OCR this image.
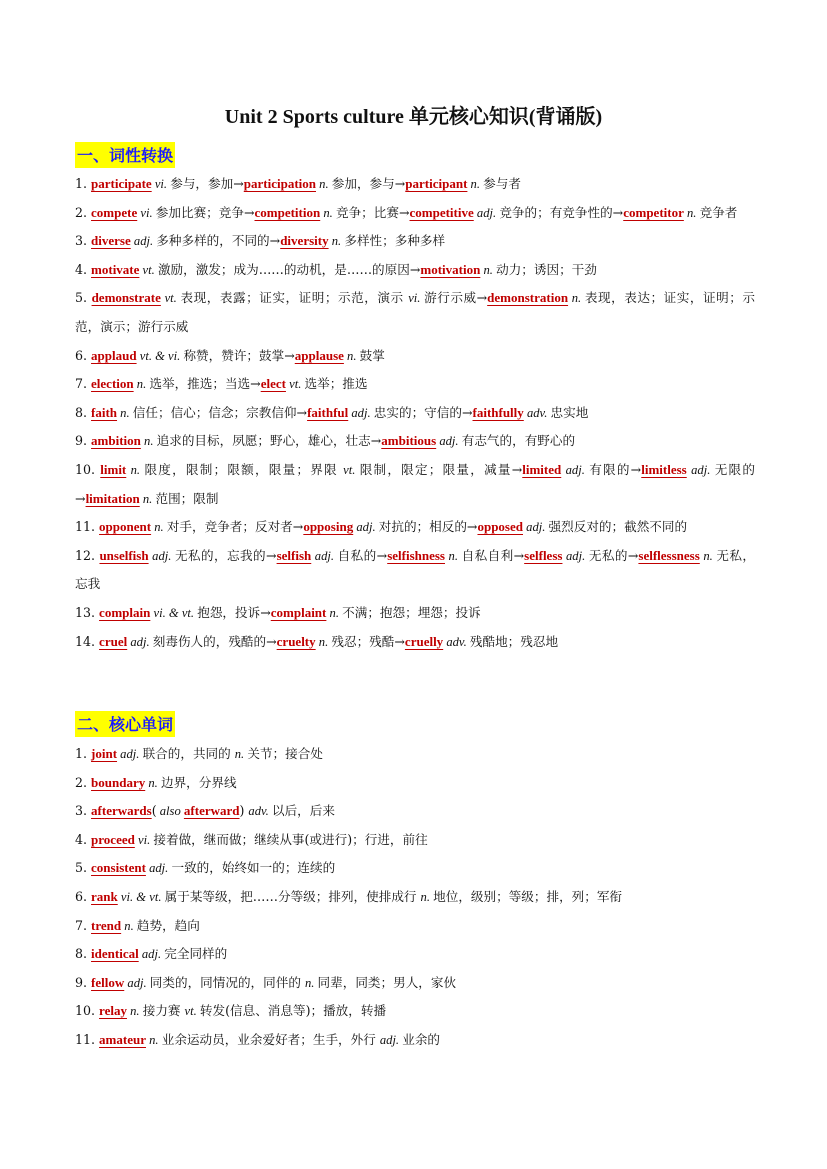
Unit 2 Sports culture 单元核心知识(背诵版)
一、词性转换

1. participate vi. 参与，参加→participation n. 参加，参与→participant n. 参与者

2. compete vi. 参加比赛；竞争→competition n. 竞争；比赛→competitive adj. 竞争的；有竞争性的→competitor n. 竞争者

3. diverse adj. 多种多样的，不同的→diversity n. 多样性；多种多样

4. motivate vt. 激励，激发；成为……的动机，是……的原因→motivation n. 动力；诱因；干劲

5. demonstrate vt. 表现，表露；证实，证明；示范，演示 vi. 游行示威→demonstration n. 表现，表达；证实，证明；示范，演示；游行示威

6. applaud vt. & vi. 称赞，赞许；鼓掌→applause n. 鼓掌

7. election n. 选举，推选；当选→elect vt. 选举；推选

8. faith n. 信任；信心；信念；宗教信仰→faithful adj. 忠实的；守信的→faithfully adv. 忠实地

9. ambition n. 追求的目标，夙愿；野心，雄心，壮志→ambitious adj. 有志气的，有野心的

10. limit n. 限度，限制；限额，限量；界限 vt. 限制，限定；限量，减量→limited adj. 有限的→limitless adj. 无限的→limitation n. 范围；限制

11. opponent n. 对手，竞争者；反对者→opposing adj. 对抗的；相反的→opposed adj. 强烈反对的；截然不同的

12. unselfish adj. 无私的，忘我的→selfish adj. 自私的→selfishness n. 自私自利→selfless adj. 无私的→selflessness n. 无私，忘我

13. complain vi. & vt. 抱怨，投诉→complaint n. 不满；抱怨；埋怨；投诉

14. cruel adj. 刻毒伤人的，残酷的→cruelty n. 残忍；残酷→cruelly adv. 残酷地；残忍地

二、核心单词

1. joint adj. 联合的，共同的 n. 关节；接合处

2. boundary n. 边界，分界线

3. afterwards( also afterward) adv. 以后，后来

4. proceed vi. 接着做，继而做；继续从事(或进行)；行进，前往

5. consistent adj. 一致的，始终如一的；连续的

6. rank vi. & vt. 属于某等级，把……分等级；排列，使排成行 n. 地位，级别；等级；排，列；军衔

7. trend n. 趋势，趋向

8. identical adj. 完全同样的

9. fellow adj. 同类的，同情况的，同伴的 n. 同辈，同类；男人，家伙

10. relay n. 接力赛 vt. 转发(信息、消息等)；播放，转播

11. amateur n. 业余运动员，业余爱好者；生手，外行 adj. 业余的
